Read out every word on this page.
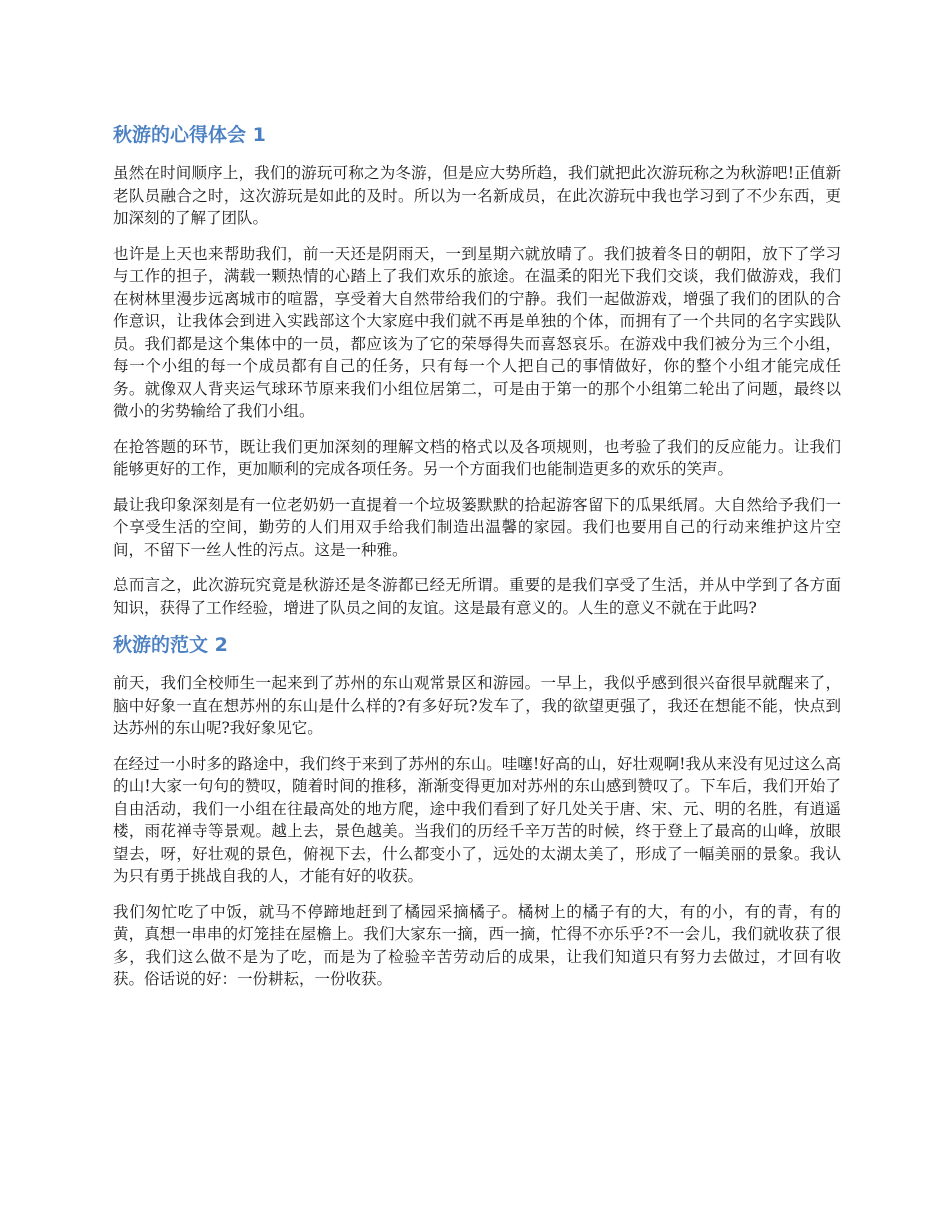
秋游的心得体会 1

虽然在时间顺序上，我们的游玩可称之为冬游，但是应大势所趋，我们就把此次游玩称之为秋游吧!正值新老队员融合之时，这次游玩是如此的及时。所以为一名新成员，在此次游玩中我也学习到了不少东西，更加深刻的了解了团队。

也许是上天也来帮助我们，前一天还是阴雨天，一到星期六就放晴了。我们披着冬日的朝阳，放下了学习与工作的担子，满载一颗热情的心踏上了我们欢乐的旅途。在温柔的阳光下我们交谈，我们做游戏，我们在树林里漫步远离城市的喧嚣，享受着大自然带给我们的宁静。我们一起做游戏，增强了我们的团队的合作意识，让我体会到进入实践部这个大家庭中我们就不再是单独的个体，而拥有了一个共同的名字实践队员。我们都是这个集体中的一员，都应该为了它的荣辱得失而喜怒哀乐。在游戏中我们被分为三个小组，每一个小组的每一个成员都有自己的任务，只有每一个人把自己的事情做好，你的整个小组才能完成任务。就像双人背夹运气球环节原来我们小组位居第二，可是由于第一的那个小组第二轮出了问题，最终以微小的劣势输给了我们小组。

在抢答题的环节，既让我们更加深刻的理解文档的格式以及各项规则，也考验了我们的反应能力。让我们能够更好的工作，更加顺利的完成各项任务。另一个方面我们也能制造更多的欢乐的笑声。

最让我印象深刻是有一位老奶奶一直提着一个垃圾篓默默的拾起游客留下的瓜果纸屑。大自然给予我们一个享受生活的空间，勤劳的人们用双手给我们制造出温馨的家园。我们也要用自己的行动来维护这片空间，不留下一丝人性的污点。这是一种雅。

总而言之，此次游玩究竟是秋游还是冬游都已经无所谓。重要的是我们享受了生活，并从中学到了各方面知识，获得了工作经验，增进了队员之间的友谊。这是最有意义的。人生的意义不就在于此吗?

秋游的范文 2

前天，我们全校师生一起来到了苏州的东山观常景区和游园。一早上，我似乎感到很兴奋很早就醒来了，脑中好象一直在想苏州的东山是什么样的?有多好玩?发车了，我的欲望更强了，我还在想能不能，快点到达苏州的东山呢?我好象见它。

在经过一小时多的路途中，我们终于来到了苏州的东山。哇噻!好高的山，好壮观啊!我从来没有见过这么高的山!大家一句句的赞叹，随着时间的推移，渐渐变得更加对苏州的东山感到赞叹了。下车后，我们开始了自由活动，我们一小组在往最高处的地方爬，途中我们看到了好几处关于唐、宋、元、明的名胜，有逍遥楼，雨花禅寺等景观。越上去，景色越美。当我们的历经千辛万苦的时候，终于登上了最高的山峰，放眼望去，呀，好壮观的景色，俯视下去，什么都变小了，远处的太湖太美了，形成了一幅美丽的景象。我认为只有勇于挑战自我的人，才能有好的收获。

我们匆忙吃了中饭，就马不停蹄地赶到了橘园采摘橘子。橘树上的橘子有的大，有的小，有的青，有的黄，真想一串串的灯笼挂在屋檐上。我们大家东一摘，西一摘，忙得不亦乐乎?不一会儿，我们就收获了很多，我们这么做不是为了吃，而是为了检验辛苦劳动后的成果，让我们知道只有努力去做过，才回有收获。俗话说的好：一份耕耘，一份收获。
